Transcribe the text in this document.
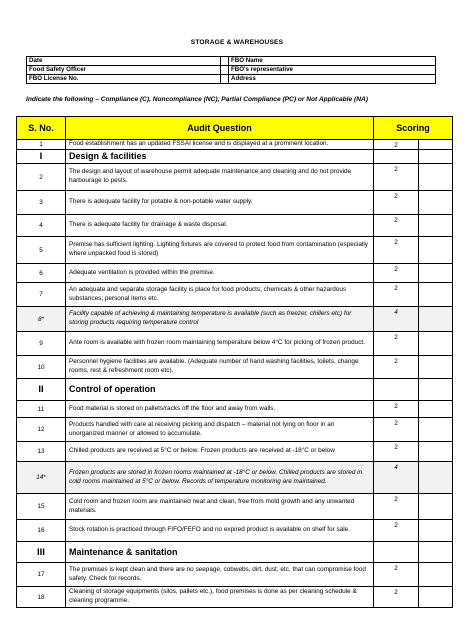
STORAGE & WAREHOUSES
Date		FBO Name
Food Safety Officer		FBO's representative
FBO License No.		Address
Indicate the following – Compliance (C), Noncompliance (NC), Partial Compliance (PC) or Not Applicable (NA)
S. No.	Audit Question	Scoring	
1	Food establishment has an updated FSSAI license and is displayed at a prominent location.	2	
I	Design & facilities		
2	The design and layout of warehouse permit adequate maintenance and cleaning and do not provide harbourage to pests.	2	
3	There is adequate facility for potable & non-potable water supply.	2	
4	There is adequate facility for drainage & waste disposal.	2	
5	Premise has sufficient lighting. Lighting fixtures are covered to protect food from contamination (especially where unpacked food is stored)	2	
6	Adequate ventilation is provided within the premise.	2	
7	An adequate and separate storage facility is place for food products; chemicals & other hazardous substances; personal items etc.	2	
8*	Facility capable of achieving & maintaining temperature is available (such as freezer, chillers etc) for storing products requiring temperature control	4	
9	Ante room is available with frozen room maintaining temperature below 4°C for picking of frozen product.	2	
10	Personnel hygiene facilities are available. (Adequate number of hand washing facilities, toilets, change rooms, rest & refreshment room etc).	2	
II	Control of operation		
11	Food material is stored on pallets/racks off the floor and away from walls.	2	
12	Products handled with care at receiving picking and dispatch – material not lying on floor in an unorganized manner or allowed to accumulate.	2	
13	Chilled products are received at 5°C or below. Frozen products are received at -18°C or below	2	
14*	Frozen products are stored in frozen rooms maintained at -18°C or below. Chilled products are stored in cold rooms maintained at 5°C or below. Records of temperature monitoring are maintained.	4	
15	Cold room and frozen room are maintained neat and clean, free from mold growth and any unwanted materials.	2	
16	Stock rotation is practiced through FIFO/FEFO and no expired product is available on shelf for sale.	2	
III	Maintenance & sanitation		
17	The premises is kept clean and there are no seepage, cobwebs, dirt, dust, etc. that can compromise food safety. Check for records.	2	
18	Cleaning of storage equipments (silos, pallets etc.), food premises is done as per cleaning schedule & cleaning programme.	2	
